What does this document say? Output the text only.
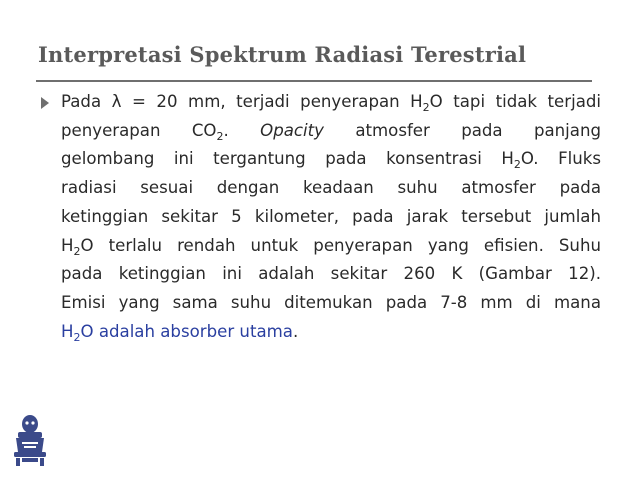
Interpretasi Spektrum Radiasi Terestrial
Pada λ = 20 mm, terjadi penyerapan $H_2O$ tapi tidak terjadi
penyerapan $CO_2$. Opacity atmosfer pada panjang
gelombang ini tergantung pada konsentrasi $H_2O$. Fluks
radiasi sesuai dengan keadaan suhu atmosfer pada
ketinggian sekitar 5 kilometer, pada jarak tersebut jumlah
$H_2O$ terlalu rendah untuk penyerapan yang efisien. Suhu
pada ketinggian ini adalah sekitar 260 K (Gambar 12).
Emisi yang sama suhu ditemukan pada 7-8 mm di mana
$H_2O$ adalah absorber utama.
